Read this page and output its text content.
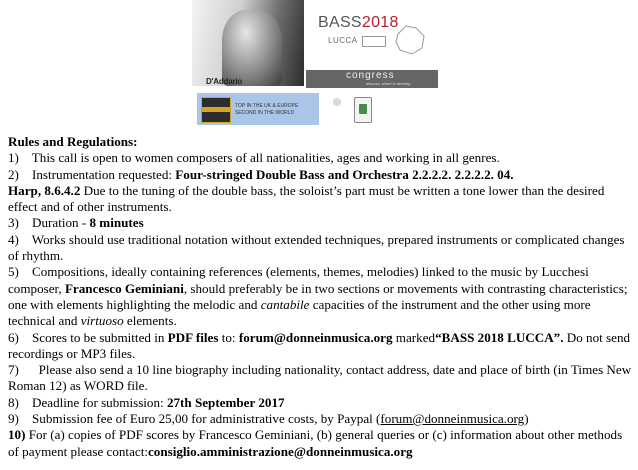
D'Addario
BASS2018
LUCCA
congress
discuss, share & develop
TOP IN THE UK & EUROPE
SECOND IN THE WORLD

Rules and Regulations:

1) This call is open to women composers of all nationalities, ages and working in all genres.

2) Instrumentation requested: Four-stringed Double Bass and Orchestra 2.2.2.2. 2.2.2.2. 04.
Harp, 8.6.4.2 Due to the tuning of the double bass, the soloist’s part must be written a tone lower than the desired effect and of other instruments.

3) Duration - 8 minutes

4) Works should use traditional notation without extended techniques, prepared instruments or complicated changes of rhythm.

5) Compositions, ideally containing references (elements, themes, melodies) linked to the music by Lucchesi composer, Francesco Geminiani, should preferably be in two sections or movements with contrasting characteristics; one with elements highlighting the melodic and cantabile capacities of the instrument and the other using more technical and virtuoso elements.

6) Scores to be submitted in PDF files to: forum@donneinmusica.org marked“BASS 2018 LUCCA”. Do not send recordings or MP3 files.

7) Please also send a 10 line biography including nationality, contact address, date and place of birth (in Times New Roman 12) as WORD file.

8) Deadline for submission: 27th September 2017

9) Submission fee of Euro 25,00 for administrative costs, by Paypal (forum@donneinmusica.org)

10) For (a) copies of PDF scores by Francesco Geminiani, (b) general queries or (c) information about other methods of payment please contact:consiglio.amministrazione@donneinmusica.org
